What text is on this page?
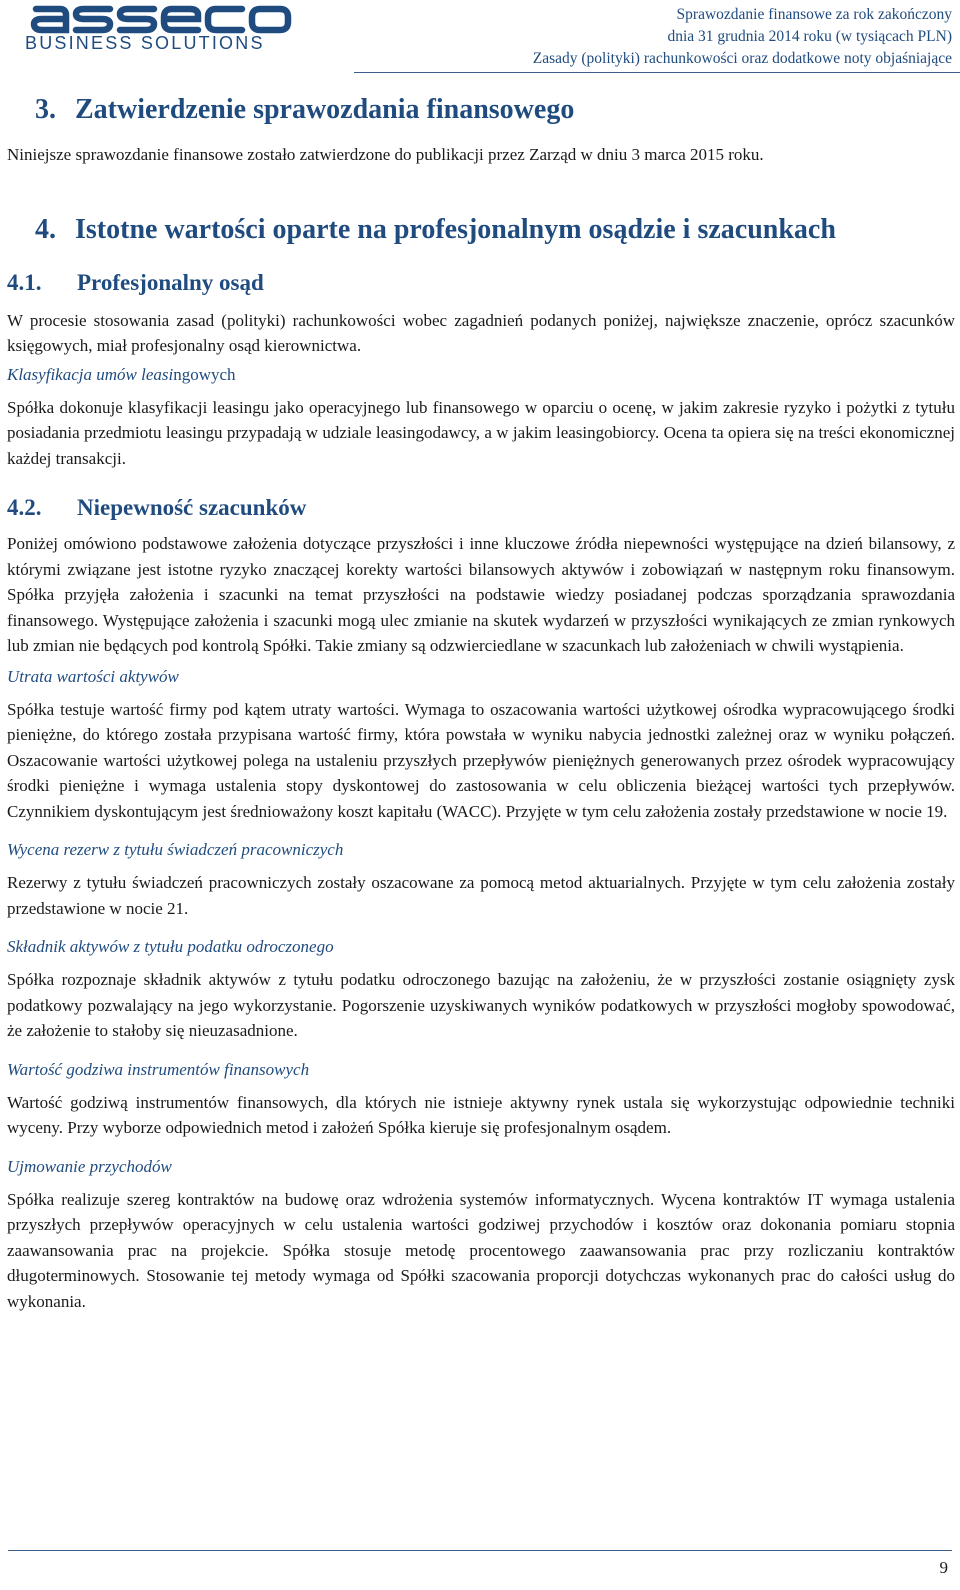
BUSINESS SOLUTIONS
Sprawozdanie finansowe za rok zakończony
dnia 31 grudnia 2014 roku (w tysiącach PLN)
Zasady (polityki) rachunkowości oraz dodatkowe noty objaśniające
3. Zatwierdzenie sprawozdania finansowego

Niniejsze sprawozdanie finansowe zostało zatwierdzone do publikacji przez Zarząd w dniu 3 marca 2015 roku.

4. Istotne wartości oparte na profesjonalnym osądzie i szacunkach
4.1. Profesjonalny osąd

W procesie stosowania zasad (polityki) rachunkowości wobec zagadnień podanych poniżej, największe znaczenie, oprócz szacunków księgowych, miał profesjonalny osąd kierownictwa.

Klasyfikacja umów leasingowych

Spółka dokonuje klasyfikacji leasingu jako operacyjnego lub finansowego w oparciu o ocenę, w jakim zakresie ryzyko i pożytki z tytułu posiadania przedmiotu leasingu przypadają w udziale leasingodawcy, a w jakim leasingobiorcy. Ocena ta opiera się na treści ekonomicznej każdej transakcji.

4.2. Niepewność szacunków

Poniżej omówiono podstawowe założenia dotyczące przyszłości i inne kluczowe źródła niepewności występujące na dzień bilansowy, z którymi związane jest istotne ryzyko znaczącej korekty wartości bilansowych aktywów i zobowiązań w następnym roku finansowym. Spółka przyjęła założenia i szacunki na temat przyszłości na podstawie wiedzy posiadanej podczas sporządzania sprawozdania finansowego. Występujące założenia i szacunki mogą ulec zmianie na skutek wydarzeń w przyszłości wynikających ze zmian rynkowych lub zmian nie będących pod kontrolą Spółki. Takie zmiany są odzwierciedlane w szacunkach lub założeniach w chwili wystąpienia.

Utrata wartości aktywów

Spółka testuje wartość firmy pod kątem utraty wartości. Wymaga to oszacowania wartości użytkowej ośrodka wypracowującego środki pieniężne, do którego została przypisana wartość firmy, która powstała w wyniku nabycia jednostki zależnej oraz w wyniku połączeń. Oszacowanie wartości użytkowej polega na ustaleniu przyszłych przepływów pieniężnych generowanych przez ośrodek wypracowujący środki pieniężne i wymaga ustalenia stopy dyskontowej do zastosowania w celu obliczenia bieżącej wartości tych przepływów. Czynnikiem dyskontującym jest średnioważony koszt kapitału (WACC). Przyjęte w tym celu założenia zostały przedstawione w nocie 19.

Wycena rezerw z tytułu świadczeń pracowniczych

Rezerwy z tytułu świadczeń pracowniczych zostały oszacowane za pomocą metod aktuarialnych. Przyjęte w tym celu założenia zostały przedstawione w nocie 21.

Składnik aktywów z tytułu podatku odroczonego

Spółka rozpoznaje składnik aktywów z tytułu podatku odroczonego bazując na założeniu, że w przyszłości zostanie osiągnięty zysk podatkowy pozwalający na jego wykorzystanie. Pogorszenie uzyskiwanych wyników podatkowych w przyszłości mogłoby spowodować, że założenie to stałoby się nieuzasadnione.

Wartość godziwa instrumentów finansowych

Wartość godziwą instrumentów finansowych, dla których nie istnieje aktywny rynek ustala się wykorzystując odpowiednie techniki wyceny. Przy wyborze odpowiednich metod i założeń Spółka kieruje się profesjonalnym osądem.

Ujmowanie przychodów

Spółka realizuje szereg kontraktów na budowę oraz wdrożenia systemów informatycznych. Wycena kontraktów IT wymaga ustalenia przyszłych przepływów operacyjnych w celu ustalenia wartości godziwej przychodów i kosztów oraz dokonania pomiaru stopnia zaawansowania prac na projekcie. Spółka stosuje metodę procentowego zaawansowania prac przy rozliczaniu kontraktów długoterminowych. Stosowanie tej metody wymaga od Spółki szacowania proporcji dotychczas wykonanych prac do całości usług do wykonania.

9
